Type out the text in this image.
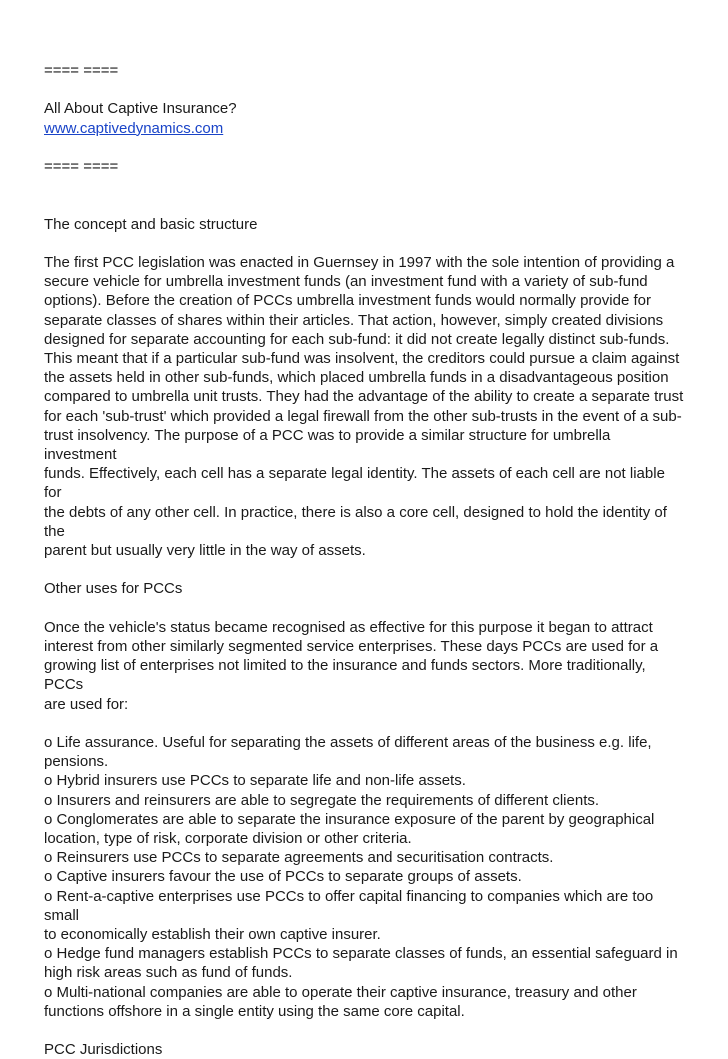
==== ====

All About Captive Insurance?

www.captivedynamics.com

==== ====

The concept and basic structure

The first PCC legislation was enacted in Guernsey in 1997 with the sole intention of providing a

secure vehicle for umbrella investment funds (an investment fund with a variety of sub-fund

options). Before the creation of PCCs umbrella investment funds would normally provide for

separate classes of shares within their articles. That action, however, simply created divisions

designed for separate accounting for each sub-fund: it did not create legally distinct sub-funds.

This meant that if a particular sub-fund was insolvent, the creditors could pursue a claim against

the assets held in other sub-funds, which placed umbrella funds in a disadvantageous position

compared to umbrella unit trusts. They had the advantage of the ability to create a separate trust

for each 'sub-trust' which provided a legal firewall from the other sub-trusts in the event of a sub-

trust insolvency. The purpose of a PCC was to provide a similar structure for umbrella investment

funds. Effectively, each cell has a separate legal identity. The assets of each cell are not liable for

the debts of any other cell. In practice, there is also a core cell, designed to hold the identity of the

parent but usually very little in the way of assets.

Other uses for PCCs

Once the vehicle's status became recognised as effective for this purpose it began to attract

interest from other similarly segmented service enterprises. These days PCCs are used for a

growing list of enterprises not limited to the insurance and funds sectors. More traditionally, PCCs

are used for:

o Life assurance. Useful for separating the assets of different areas of the business e.g. life,

pensions.

o Hybrid insurers use PCCs to separate life and non-life assets.

o Insurers and reinsurers are able to segregate the requirements of different clients.

o Conglomerates are able to separate the insurance exposure of the parent by geographical

location, type of risk, corporate division or other criteria.

o Reinsurers use PCCs to separate agreements and securitisation contracts.

o Captive insurers favour the use of PCCs to separate groups of assets.

o Rent-a-captive enterprises use PCCs to offer capital financing to companies which are too small

to economically establish their own captive insurer.

o Hedge fund managers establish PCCs to separate classes of funds, an essential safeguard in

high risk areas such as fund of funds.

o Multi-national companies are able to operate their captive insurance, treasury and other

functions offshore in a single entity using the same core capital.

PCC Jurisdictions
